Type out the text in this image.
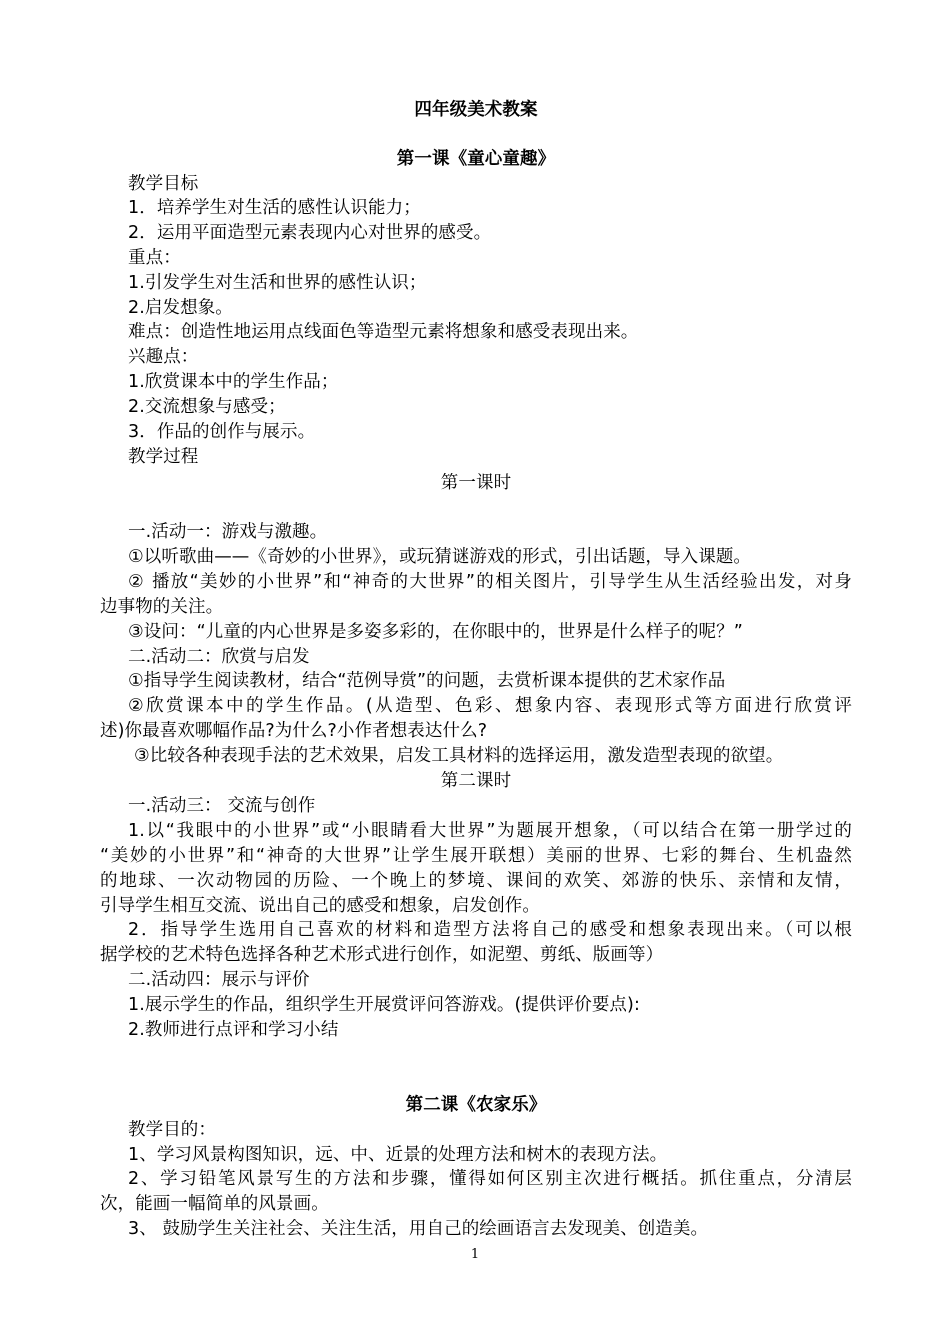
四年级美术教案
第一课《童心童趣》
教学目标
1．培养学生对生活的感性认识能力；
2．运用平面造型元素表现内心对世界的感受。
重点：
1.引发学生对生活和世界的感性认识；
2.启发想象。
难点：创造性地运用点线面色等造型元素将想象和感受表现出来。
兴趣点：
1.欣赏课本中的学生作品；
2.交流想象与感受；
3．作品的创作与展示。
教学过程
第一课时
一.活动一：游戏与激趣。
①以听歌曲——《奇妙的小世界》，或玩猜谜游戏的形式，引出话题，导入课题。
② 播放“美妙的小世界”和“神奇的大世界”的相关图片，引导学生从生活经验出发，对身
边事物的关注。
③设问：“儿童的内心世界是多姿多彩的，在你眼中的，世界是什么样子的呢？”
二.活动二：欣赏与启发
①指导学生阅读教材，结合“范例导赏”的问题，去赏析课本提供的艺术家作品
②欣赏课本中的学生作品。(从造型、色彩、想象内容、表现形式等方面进行欣赏评
述)你最喜欢哪幅作品?为什么?小作者想表达什么?
③比较各种表现手法的艺术效果，启发工具材料的选择运用，激发造型表现的欲望。
第二课时
一.活动三： 交流与创作
1.以“我眼中的小世界”或“小眼睛看大世界”为题展开想象，（可以结合在第一册学过的
“美妙的小世界”和“神奇的大世界”让学生展开联想）美丽的世界、七彩的舞台、生机盎然
的地球、一次动物园的历险、一个晚上的梦境、课间的欢笑、郊游的快乐、亲情和友情，
引导学生相互交流、说出自己的感受和想象，启发创作。
2．指导学生选用自己喜欢的材料和造型方法将自己的感受和想象表现出来。（可以根
据学校的艺术特色选择各种艺术形式进行创作，如泥塑、剪纸、版画等）
二.活动四：展示与评价
1.展示学生的作品，组织学生开展赏评问答游戏。(提供评价要点):
2.教师进行点评和学习小结
第二课《农家乐》
教学目的：
1、学习风景构图知识，远、中、近景的处理方法和树木的表现方法。
2、学习铅笔风景写生的方法和步骤，懂得如何区别主次进行概括。抓住重点，分清层
次，能画一幅简单的风景画。
3、 鼓励学生关注社会、关注生活，用自己的绘画语言去发现美、创造美。
1
